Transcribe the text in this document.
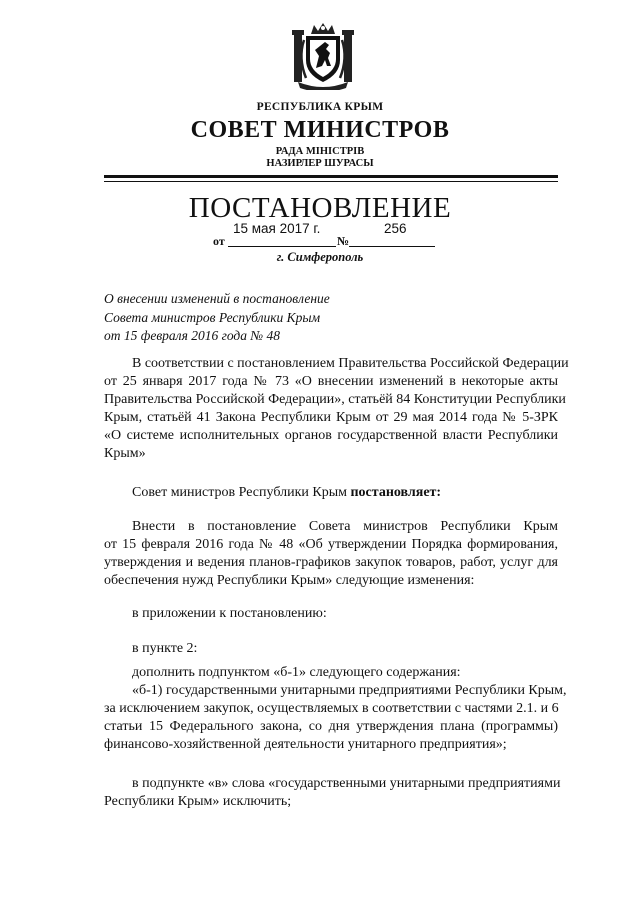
РЕСПУБЛИКА КРЫМ
СОВЕТ МИНИСТРОВ
РАДА МІНІСТРІВ
НАЗИРЛЕР ШУРАСЫ
ПОСТАНОВЛЕНИЕ
15 мая 2017 г.	256
от	№
г. Симферополь
О внесении изменений в постановление
Совета министров Республики Крым
от 15 февраля 2016 года № 48
В соответствии с постановлением Правительства Российской Федерации
от 25 января 2017 года № 73 «О внесении изменений в некоторые акты
Правительства Российской Федерации», статьёй 84 Конституции Республики
Крым, статьёй 41 Закона Республики Крым от 29 мая 2014 года № 5-ЗРК
«О системе исполнительных органов государственной власти Республики
Крым»
Совет министров Республики Крым постановляет:
Внести в постановление Совета министров Республики Крым
от 15 февраля 2016 года № 48 «Об утверждении Порядка формирования,
утверждения и ведения планов-графиков закупок товаров, работ, услуг для
обеспечения нужд Республики Крым» следующие изменения:
в приложении к постановлению:
в пункте 2:
дополнить подпунктом «б-1» следующего содержания:
«б-1) государственными унитарными предприятиями Республики Крым,
за исключением закупок, осуществляемых в соответствии с частями 2.1. и 6
статьи 15 Федерального закона, со дня утверждения плана (программы)
финансово-хозяйственной деятельности унитарного предприятия»;
в подпункте «в» слова «государственными унитарными предприятиями
Республики Крым» исключить;
